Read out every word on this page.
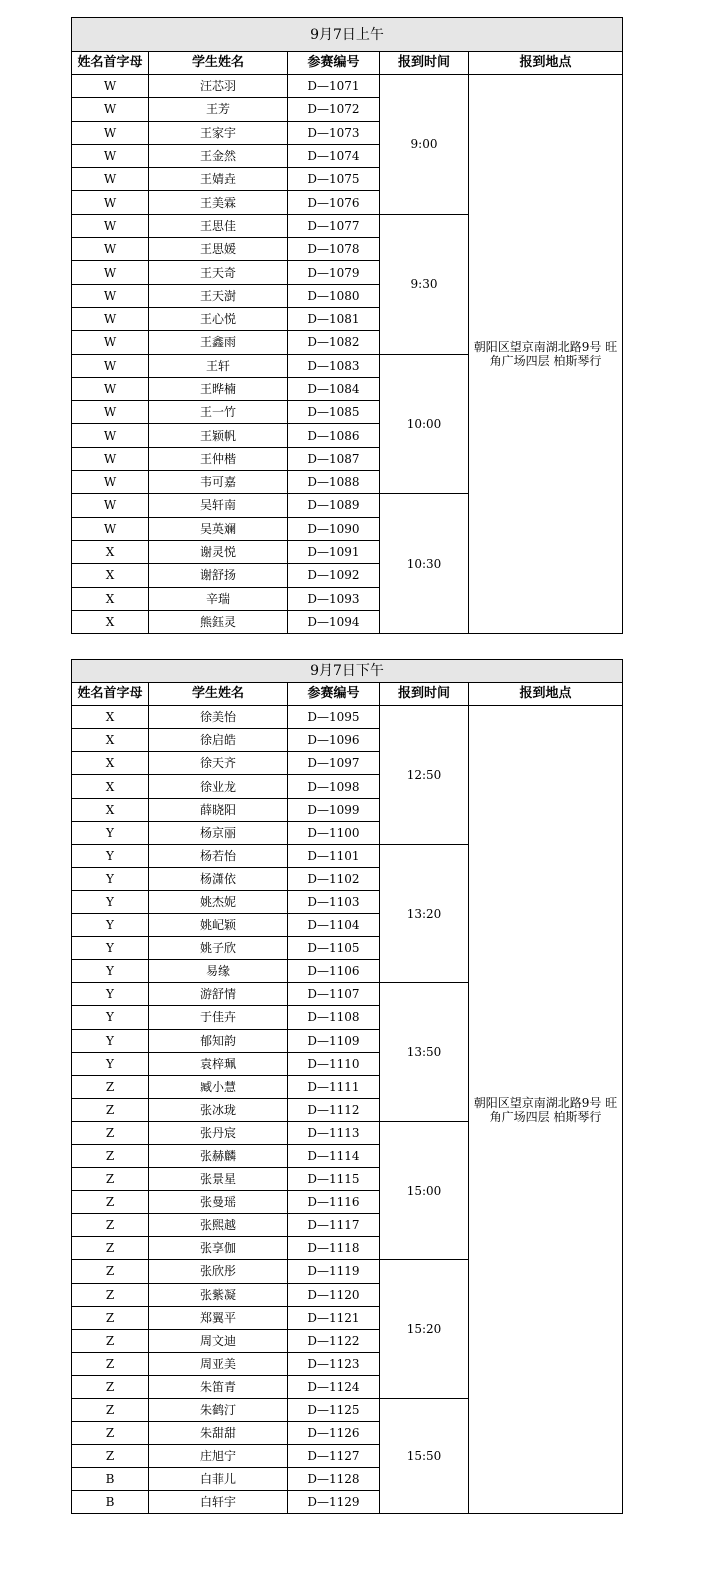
9月7日上午				
姓名首字母	学生姓名	参赛编号	报到时间	报到地点
W	汪芯羽	D—1071	9:00	朝阳区望京南湖北路9号 旺角广场四层 柏斯琴行
W	王芳	D—1072		
W	王家宇	D—1073		
W	王金然	D—1074		
W	王婧垚	D—1075		
W	王美霖	D—1076		
W	王思佳	D—1077	9:30	
W	王思媛	D—1078		
W	王天奇	D—1079		
W	王天澍	D—1080		
W	王心悦	D—1081		
W	王鑫雨	D—1082		
W	王轩	D—1083	10:00	
W	王晔楠	D—1084		
W	王一竹	D—1085		
W	王颖帆	D—1086		
W	王仲楷	D—1087		
W	韦可嘉	D—1088		
W	吴轩南	D—1089	10:30	
W	吴英斓	D—1090		
X	谢灵悦	D—1091		
X	谢舒扬	D—1092		
X	辛瑞	D—1093		
X	熊鈺灵	D—1094		
9月7日下午				
姓名首字母	学生姓名	参赛编号	报到时间	报到地点
X	徐美怡	D—1095	12:50	朝阳区望京南湖北路9号 旺角广场四层 柏斯琴行
X	徐启皓	D—1096		
X	徐天齐	D—1097		
X	徐业龙	D—1098		
X	薛晓阳	D—1099		
Y	杨京丽	D—1100		
Y	杨若怡	D—1101	13:20	
Y	杨潇依	D—1102		
Y	姚杰妮	D—1103		
Y	姚屺颖	D—1104		
Y	姚子欣	D—1105		
Y	易缘	D—1106		
Y	游舒情	D—1107	13:50	
Y	于佳卉	D—1108		
Y	郁知韵	D—1109		
Y	袁梓珮	D—1110		
Z	臧小慧	D—1111		
Z	张冰珑	D—1112		
Z	张丹宸	D—1113	15:00	
Z	张赫麟	D—1114		
Z	张景星	D—1115		
Z	张曼瑶	D—1116		
Z	张熙越	D—1117		
Z	张享伽	D—1118		
Z	张欣彤	D—1119	15:20	
Z	张紫凝	D—1120		
Z	郑翼平	D—1121		
Z	周文迪	D—1122		
Z	周亚美	D—1123		
Z	朱笛青	D—1124		
Z	朱鹤汀	D—1125	15:50	
Z	朱甜甜	D—1126		
Z	庄旭宁	D—1127		
B	白菲儿	D—1128		
B	白轩宇	D—1129		
